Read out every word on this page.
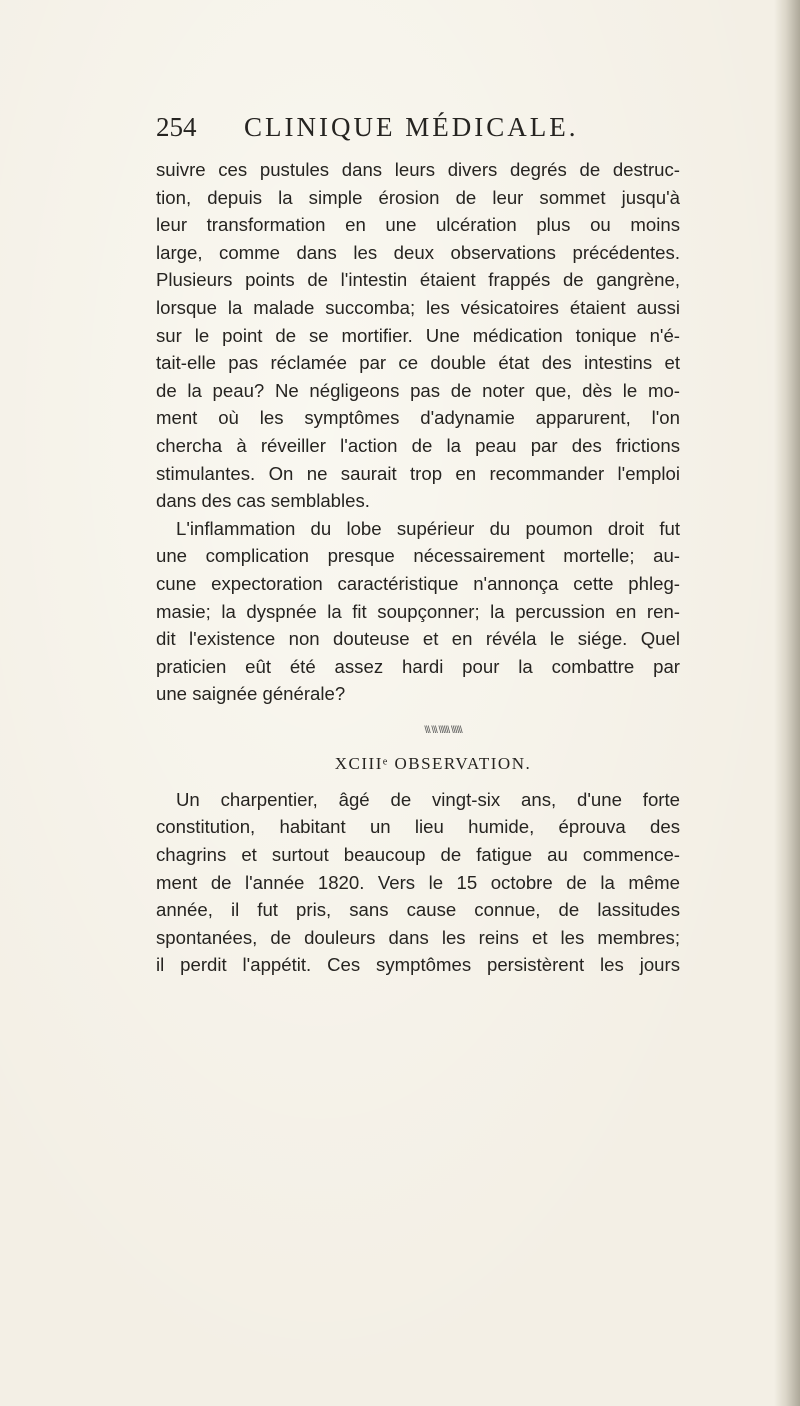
254 CLINIQUE MÉDICALE.
suivre ces pustules dans leurs divers degrés de destruc-
tion, depuis la simple érosion de leur sommet jusqu'à
leur transformation en une ulcération plus ou moins
large, comme dans les deux observations précédentes.
Plusieurs points de l'intestin étaient frappés de gangrène,
lorsque la malade succomba; les vésicatoires étaient aussi
sur le point de se mortifier. Une médication tonique n'é-
tait-elle pas réclamée par ce double état des intestins et
de la peau? Ne négligeons pas de noter que, dès le mo-
ment où les symptômes d'adynamie apparurent, l'on
chercha à réveiller l'action de la peau par des frictions
stimulantes. On ne saurait trop en recommander l'emploi
dans des cas semblables.
L'inflammation du lobe supérieur du poumon droit fut
une complication presque nécessairement mortelle; au-
cune expectoration caractéristique n'annonça cette phleg-
masie; la dyspnée la fit soupçonner; la percussion en ren-
dit l'existence non douteuse et en révéla le siége. Quel
praticien eût été assez hardi pour la combattre par
une saignée générale?
\\\ \\\ \\\\\\ \\\\\\
XCIIIᵉ OBSERVATION.
Un charpentier, âgé de vingt-six ans, d'une forte
constitution, habitant un lieu humide, éprouva des
chagrins et surtout beaucoup de fatigue au commence-
ment de l'année 1820. Vers le 15 octobre de la même
année, il fut pris, sans cause connue, de lassitudes
spontanées, de douleurs dans les reins et les membres;
il perdit l'appétit. Ces symptômes persistèrent les jours
